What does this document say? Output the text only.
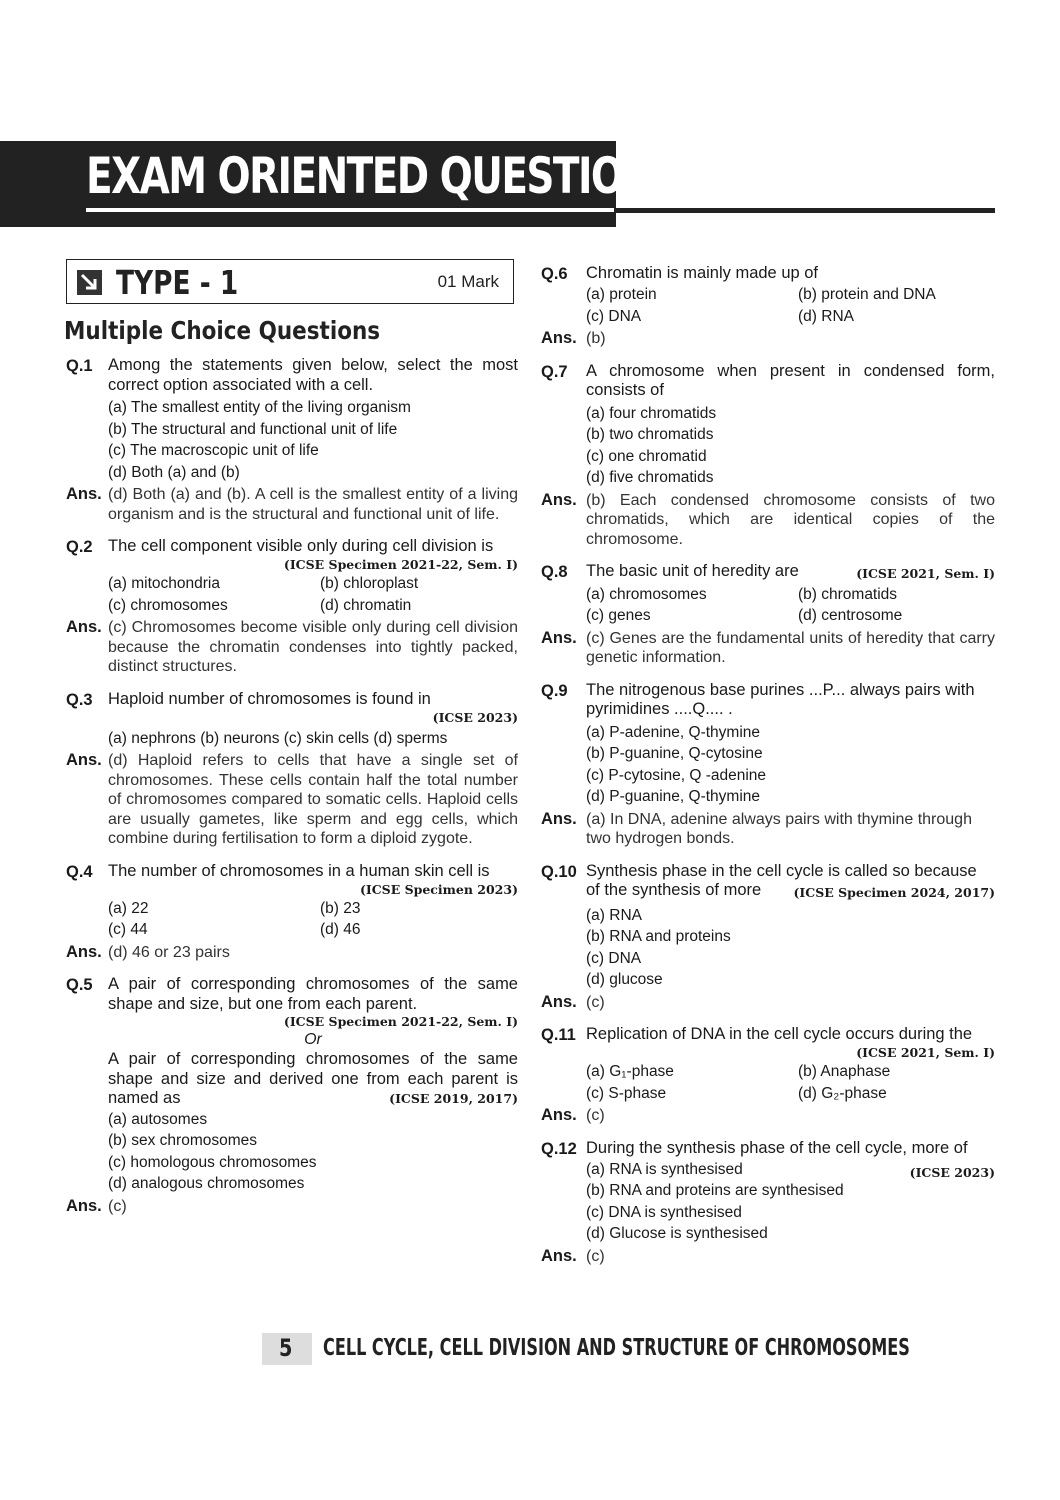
EXAM ORIENTED QUESTIONS
TYPE - 1	01 Mark
Multiple Choice Questions
Q.1 Among the statements given below, select the most correct option associated with a cell.
(a) The smallest entity of the living organism
(b) The structural and functional unit of life
(c) The macroscopic unit of life
(d) Both (a) and (b)
Ans. (d) Both (a) and (b). A cell is the smallest entity of a living organism and is the structural and functional unit of life.
Q.2 The cell component visible only during cell division is
(ICSE Specimen 2021-22, Sem. I)
(a) mitochondria	(b) chloroplast
(c) chromosomes	(d) chromatin
Ans. (c) Chromosomes become visible only during cell division because the chromatin condenses into tightly packed, distinct structures.
Q.3 Haploid number of chromosomes is found in
(ICSE 2023)
(a) nephrons (b) neurons (c) skin cells (d) sperms
Ans. (d) Haploid refers to cells that have a single set of chromosomes. These cells contain half the total number of chromosomes compared to somatic cells. Haploid cells are usually gametes, like sperm and egg cells, which combine during fertilisation to form a diploid zygote.
Q.4 The number of chromosomes in a human skin cell is
(ICSE Specimen 2023)
(a) 22	(b) 23
(c) 44	(d) 46
Ans. (d) 46 or 23 pairs
Q.5 A pair of corresponding chromosomes of the same shape and size, but one from each parent.
(ICSE Specimen 2021-22, Sem. I)
Or
A pair of corresponding chromosomes of the same shape and size and derived one from each parent is named as	(ICSE 2019, 2017)
(a) autosomes
(b) sex chromosomes
(c) homologous chromosomes
(d) analogous chromosomes
Ans. (c)
Q.6	Chromatin is mainly made up of
(a) protein	(b) protein and DNA
(c) DNA	(d) RNA
Ans. (b)
Q.7	A chromosome when present in condensed form, consists of
(a) four chromatids
(b) two chromatids
(c) one chromatid
(d) five chromatids
Ans. (b) Each condensed chromosome consists of two chromatids, which are identical copies of the chromosome.
Q.8	The basic unit of heredity are	(ICSE 2021, Sem. I)
(a) chromosomes	(b) chromatids
(c) genes	(d) centrosome
Ans. (c) Genes are the fundamental units of heredity that carry genetic information.
Q.9	The nitrogenous base purines ...P... always pairs with pyrimidines ....Q.... .
(a) P-adenine, Q-thymine
(b) P-guanine, Q-cytosine
(c) P-cytosine, Q -adenine
(d) P-guanine, Q-thymine
Ans. (a) In DNA, adenine always pairs with thymine through two hydrogen bonds.
Q.10 Synthesis phase in the cell cycle is called so because of the synthesis of more	(ICSE Specimen 2024, 2017)
(a) RNA
(b) RNA and proteins
(c) DNA
(d) glucose
Ans. (c)
Q.11 Replication of DNA in the cell cycle occurs during the
(ICSE 2021, Sem. I)
(a) G₁-phase	(b) Anaphase
(c) S-phase	(d) G₂-phase
Ans. (c)
Q.12 During the synthesis phase of the cell cycle, more of
(a) RNA is synthesised	(ICSE 2023)
(b) RNA and proteins are synthesised
(c) DNA is synthesised
(d) Glucose is synthesised
Ans. (c)
5 CELL CYCLE, CELL DIVISION AND STRUCTURE OF CHROMOSOMES
